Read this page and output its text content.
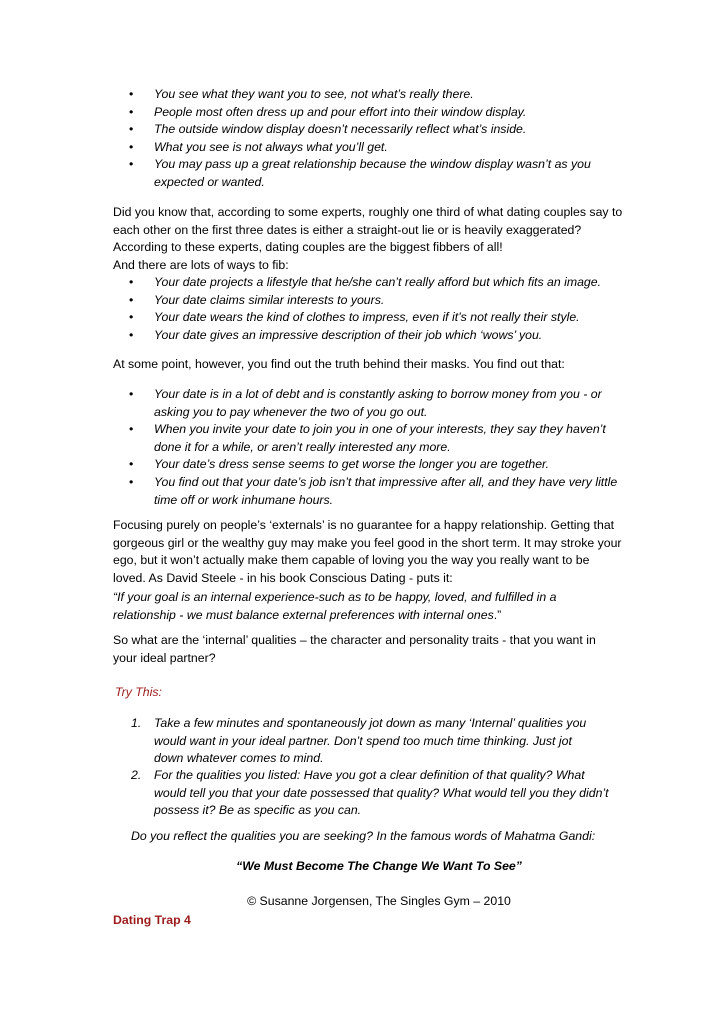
• You see what they want you to see, not what’s really there.
• People most often dress up and pour effort into their window display.
• The outside window display doesn’t necessarily reflect what’s inside.
• What you see is not always what you’ll get.
• You may pass up a great relationship because the window display wasn’t as you expected or wanted.
Did you know that, according to some experts, roughly one third of what dating couples say to each other on the first three dates is either a straight-out lie or is heavily exaggerated? According to these experts, dating couples are the biggest fibbers of all!
And there are lots of ways to fib:
• Your date projects a lifestyle that he/she can’t really afford but which fits an image.
• Your date claims similar interests to yours.
• Your date wears the kind of clothes to impress, even if it’s not really their style.
• Your date gives an impressive description of their job which ‘wows’ you.
At some point, however, you find out the truth behind their masks. You find out that:
• Your date is in a lot of debt and is constantly asking to borrow money from you - or asking you to pay whenever the two of you go out.
• When you invite your date to join you in one of your interests, they say they haven’t done it for a while, or aren’t really interested any more.
• Your date’s dress sense seems to get worse the longer you are together.
• You find out that your date’s job isn’t that impressive after all, and they have very little time off or work inhumane hours.
Focusing purely on people’s ‘externals’ is no guarantee for a happy relationship. Getting that gorgeous girl or the wealthy guy may make you feel good in the short term. It may stroke your ego, but it won’t actually make them capable of loving you the way you really want to be loved. As David Steele - in his book Conscious Dating - puts it:
“If your goal is an internal experience-such as to be happy, loved, and fulfilled in a relationship - we must balance external preferences with internal ones.”
So what are the ‘internal’ qualities – the character and personality traits - that you want in your ideal partner?
Try This:
1. Take a few minutes and spontaneously jot down as many ‘Internal’ qualities you would want in your ideal partner. Don’t spend too much time thinking. Just jot down whatever comes to mind.
2. For the qualities you listed: Have you got a clear definition of that quality? What would tell you that your date possessed that quality? What would tell you they didn’t possess it? Be as specific as you can.
Do you reflect the qualities you are seeking? In the famous words of Mahatma Gandi:
“We Must Become The Change We Want To See”
© Susanne Jorgensen, The Singles Gym – 2010
Dating Trap 4
